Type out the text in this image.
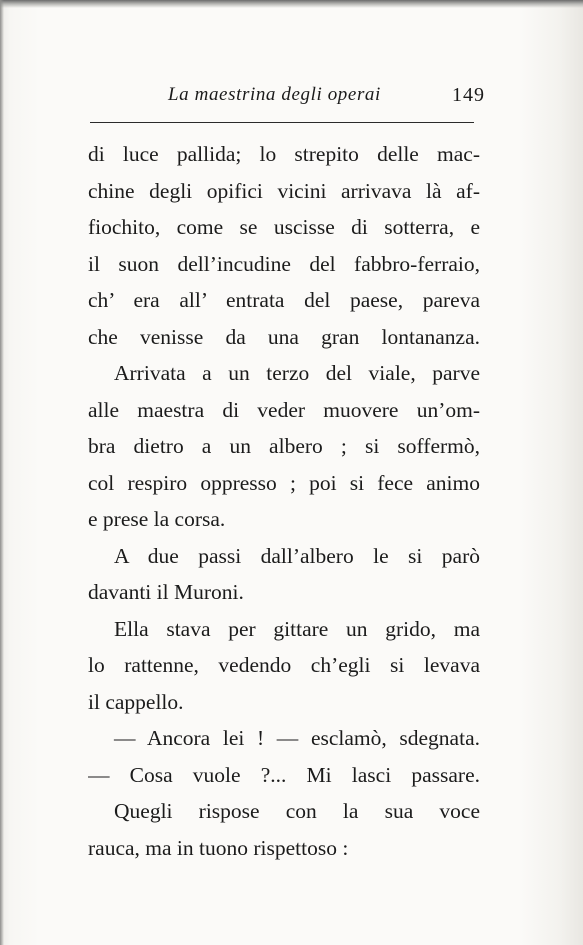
La maestrina degli operai	149
di luce pallida; lo strepito delle mac-
chine degli opifici vicini arrivava là af-
fiochito, come se uscisse di sotterra, e
il suon dell’incudine del fabbro-ferraio,
ch’ era all’ entrata del paese, pareva
che venisse da una gran lontananza.
Arrivata a un terzo del viale, parve
alle maestra di veder muovere un’om-
bra dietro a un albero ; si soffermò,
col respiro oppresso ; poi si fece animo
e prese la corsa.
A due passi dall’albero le si parò
davanti il Muroni.
Ella stava per gittare un grido, ma
lo rattenne, vedendo ch’egli si levava
il cappello.
— Ancora lei ! — esclamò, sdegnata.
— Cosa vuole ?... Mi lasci passare.
Quegli rispose con la sua voce
rauca, ma in tuono rispettoso :
